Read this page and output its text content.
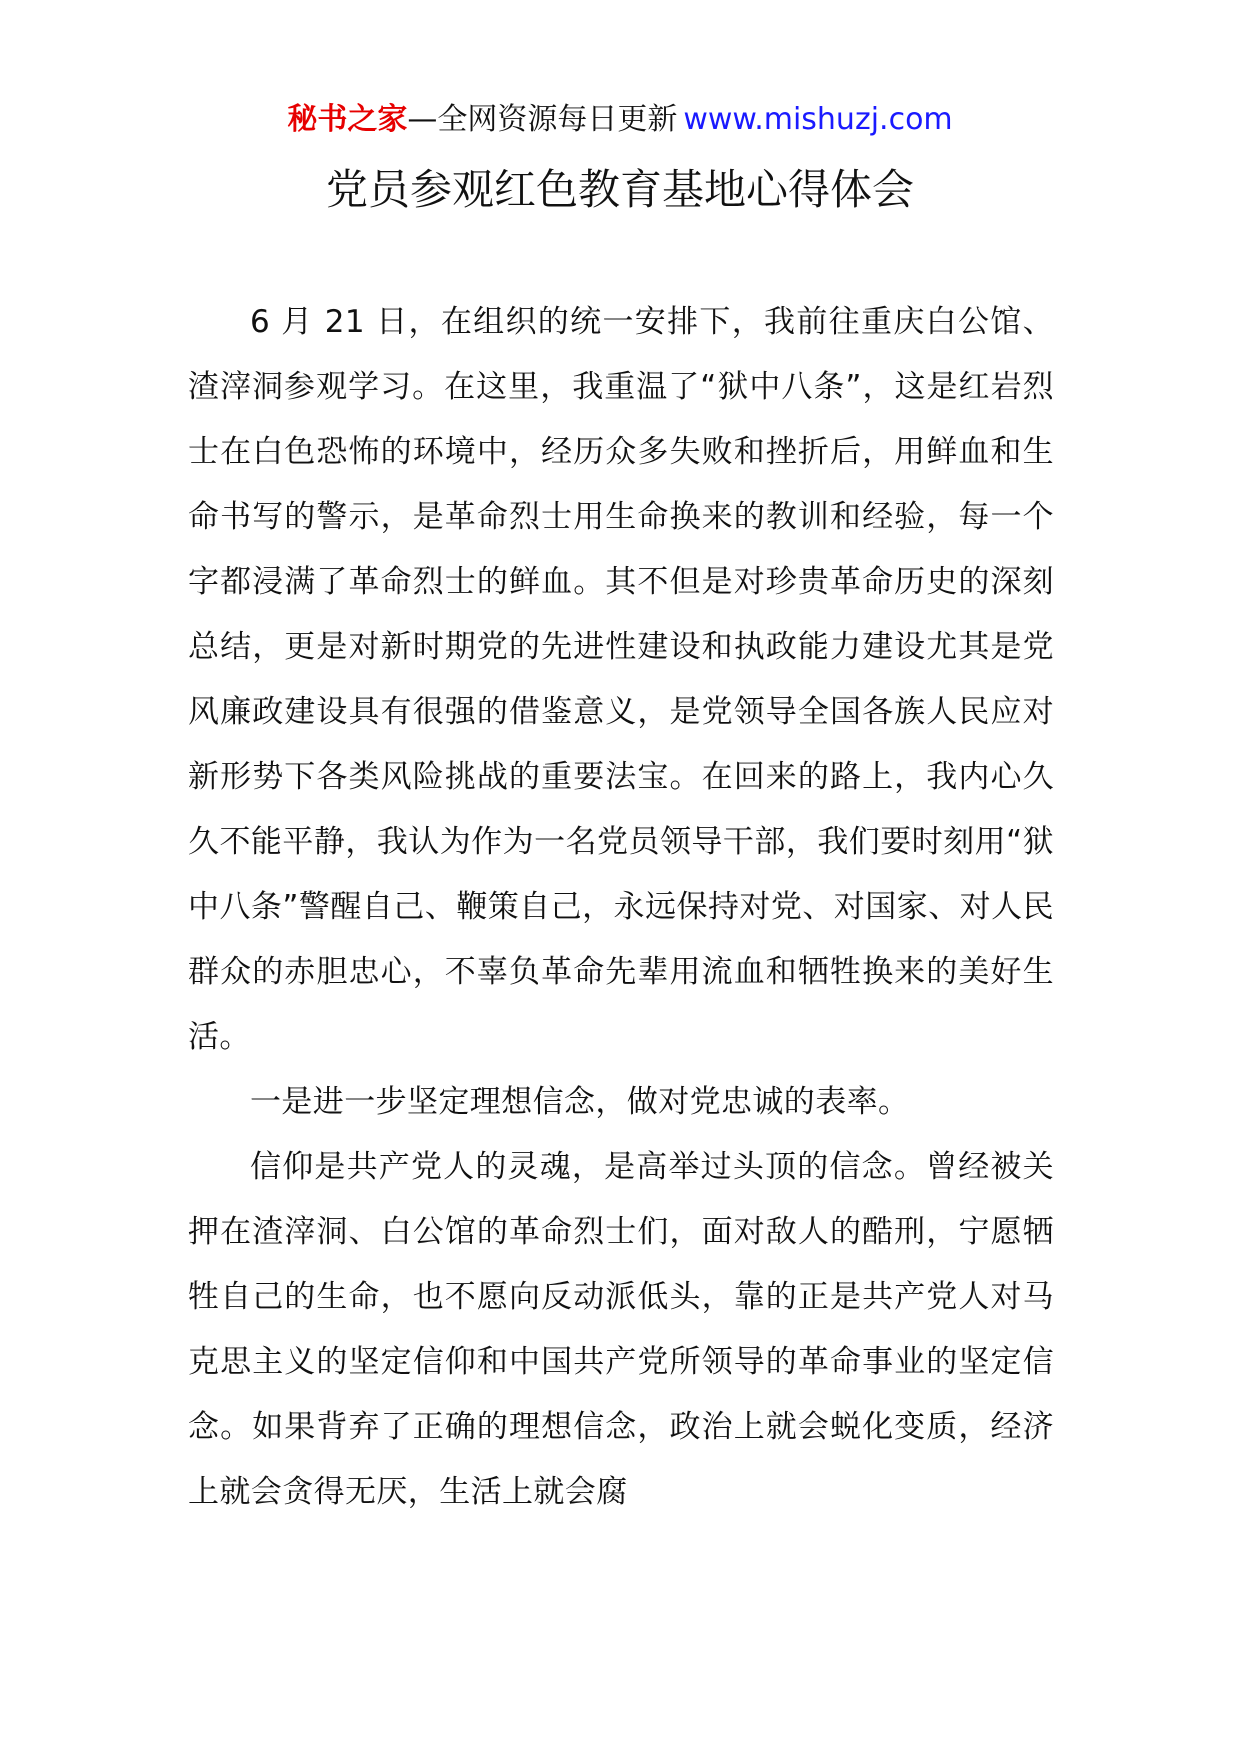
秘书之家—全网资源每日更新 www.mishuzj.com
党员参观红色教育基地心得体会

6 月 21 日，在组织的统一安排下，我前往重庆白公馆、渣滓洞参观学习。在这里，我重温了“狱中八条”，这是红岩烈士在白色恐怖的环境中，经历众多失败和挫折后，用鲜血和生命书写的警示，是革命烈士用生命换来的教训和经验，每一个字都浸满了革命烈士的鲜血。其不但是对珍贵革命历史的深刻总结，更是对新时期党的先进性建设和执政能力建设尤其是党风廉政建设具有很强的借鉴意义，是党领导全国各族人民应对新形势下各类风险挑战的重要法宝。在回来的路上，我内心久久不能平静，我认为作为一名党员领导干部，我们要时刻用“狱中八条”警醒自己、鞭策自己，永远保持对党、对国家、对人民群众的赤胆忠心，不辜负革命先辈用流血和牺牲换来的美好生活。

一是进一步坚定理想信念，做对党忠诚的表率。

信仰是共产党人的灵魂，是高举过头顶的信念。曾经被关押在渣滓洞、白公馆的革命烈士们，面对敌人的酷刑，宁愿牺牲自己的生命，也不愿向反动派低头，靠的正是共产党人对马克思主义的坚定信仰和中国共产党所领导的革命事业的坚定信念。如果背弃了正确的理想信念，政治上就会蜕化变质，经济上就会贪得无厌，生活上就会腐
